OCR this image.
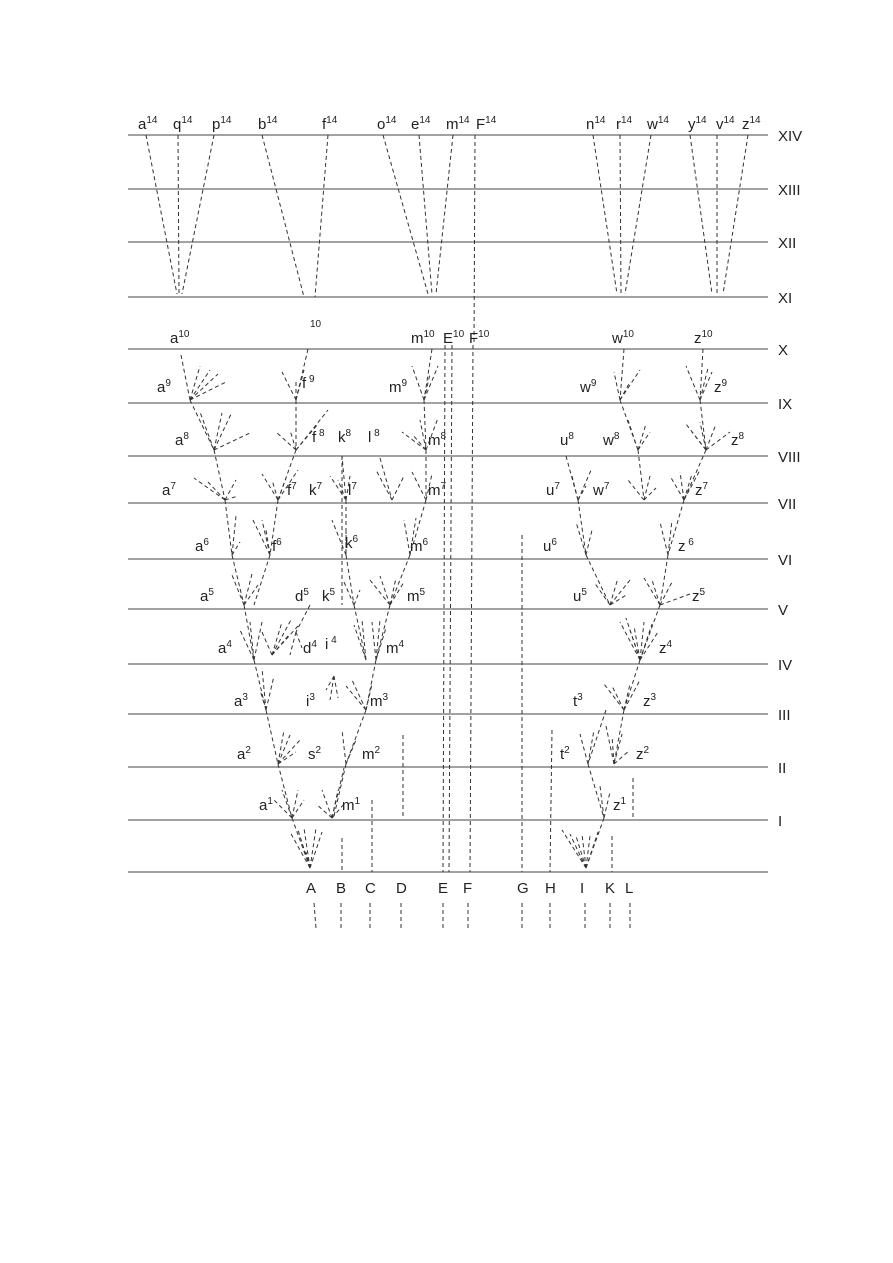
XIV
XIII
XII
XI
X
IX
VIII
VII
VI
V
IV
III
II
I
$a^{14}$ $q^{14}$ $p^{14}$ $b^{14}$	$f^{14}$	$o^{14}$ $e^{14}$ $m^{14}$ $F^{14}$	$n^{14}$ $r^{14}$ $w^{14}$ $y^{14}$ $v^{14}$ $z^{14}$
$a^{10}$
$^{10}$
$m^{10}$ $E^{10}$ $F^{10}$	$w^{10}$	$z^{10}$
$a^9$	f $^9$	$m^9$	$w^9$	$z^9$
$a^8$	f $^8$ $k^8$ l $^8$	$m^8$	$u^8$ $w^8$	$z^8$
$a^7$	$f^7$ $k^7$ $l^7$	$m^7$	$u^7$ $w^7$	$z^7$
$a^6$	$f^6$	$k^6$	$m^6$	$u^6$	z $^6$
$a^5$	$d^5$ $k^5$	$m^5$	$u^5$	$z^5$
$a^4$	$d^4$ i $^4$	$m^4$	$z^4$
$a^3$	$i^3$	$m^3$	$t^3$	$z^3$
$a^2$	$s^2$	$m^2$	$t^2$	$z^2$
$a^1$	$m^1$	$z^1$
A B C D E F	G H I K L
